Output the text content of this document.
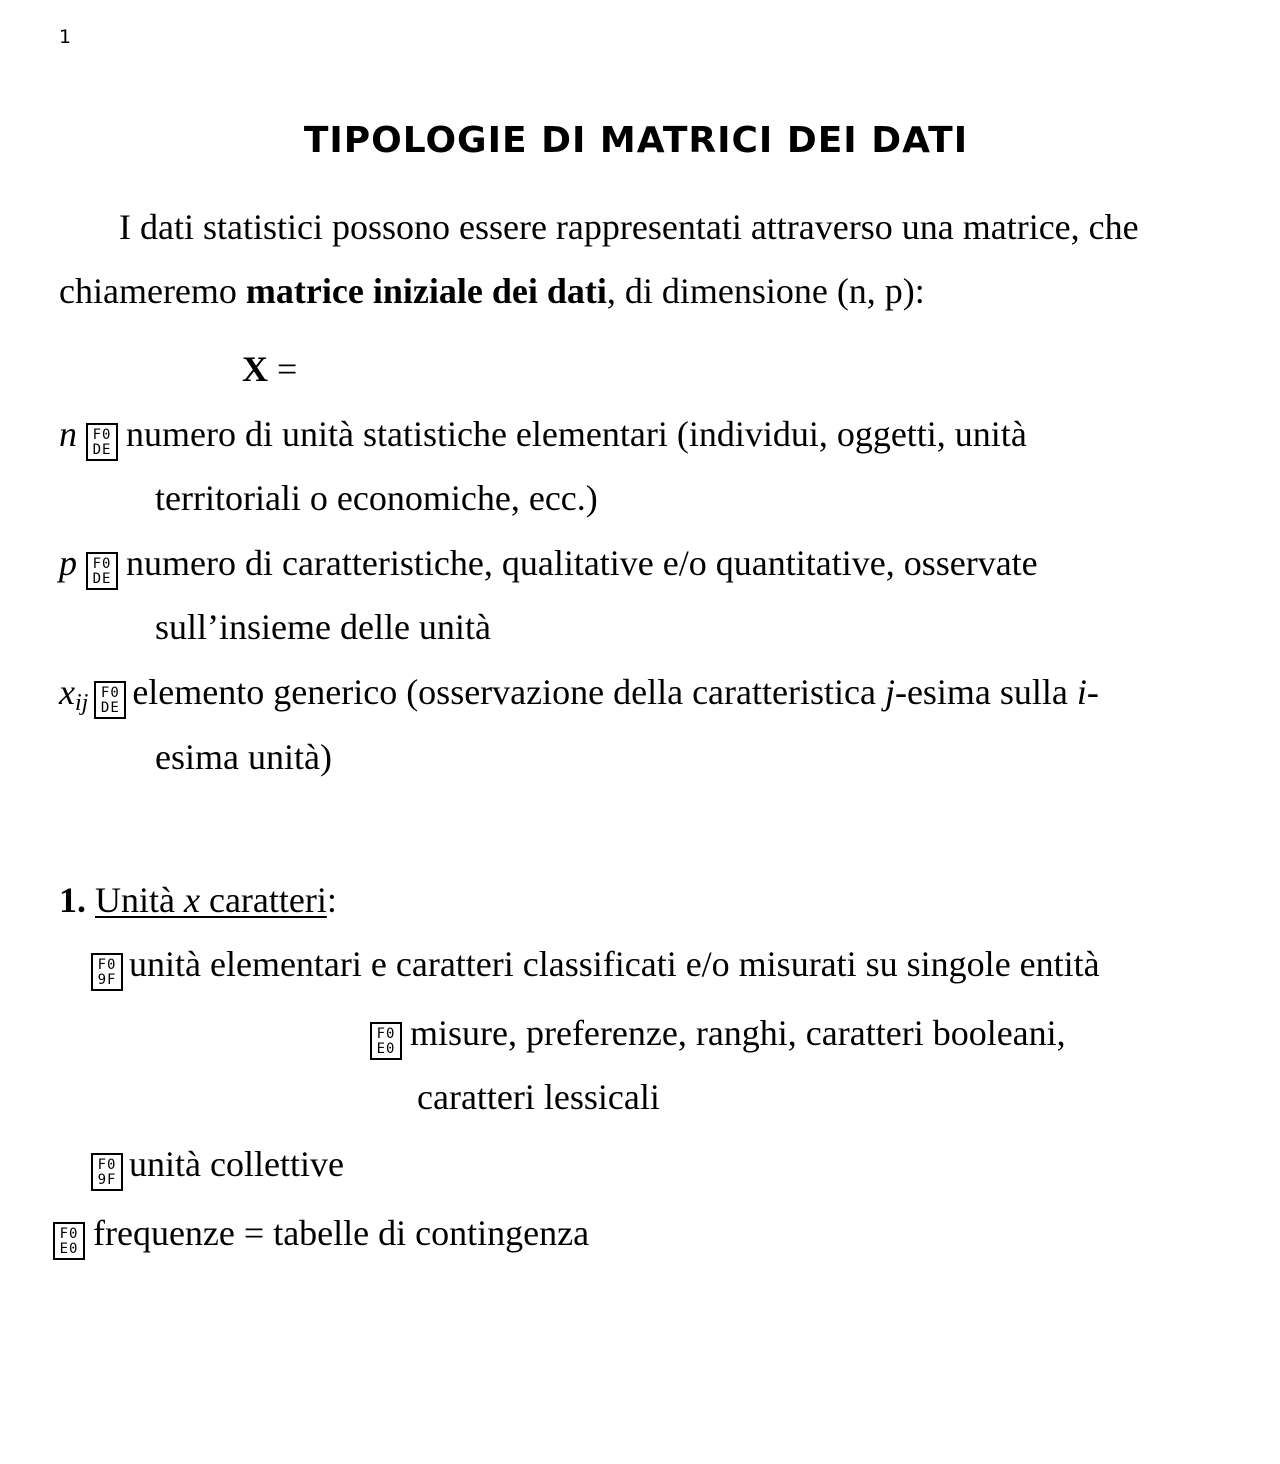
1
TIPOLOGIE DI MATRICI DEI DATI
I dati statistici possono essere rappresentati attraverso una matrice, che
chiameremo matrice iniziale dei dati, di dimensione (n, p):
X =
n	F0
DE numero di unità statistiche elementari (individui, oggetti, unità
territoriali o economiche, ecc.)
p	F0
DE numero di caratteristiche, qualitative e/o quantitative, osservate
sull’insieme delle unità
$x_{ij}$ F0
DE elemento generico (osservazione della caratteristica j-esima sulla i-
esima unità)
1. Unità x caratteri:
F0
9F unità elementari e caratteri classificati e/o misurati su singole entità
F0
E0 misure, preferenze, ranghi, caratteri booleani,
caratteri lessicali
F0
9F unità collettive
F0
E0 frequenze = tabelle di contingenza
